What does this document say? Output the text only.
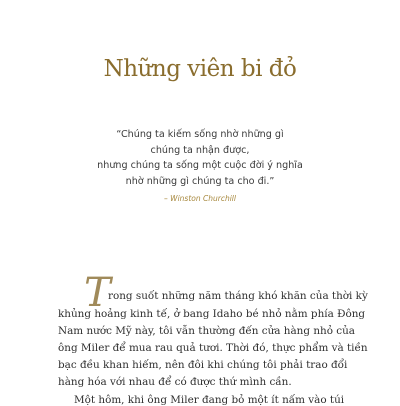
Những viên bi đỏ
“Chúng ta kiếm sống nhờ những gì
chúng ta nhận được,
nhưng chúng ta sống một cuộc đời ý nghĩa
nhờ những gì chúng ta cho đi.”
– Winston Churchill
T
rong suốt những năm tháng khó khăn của thời kỳ
khủng hoảng kinh tế, ở bang Idaho bé nhỏ nằm phía Đông
Nam nước Mỹ này, tôi vẫn thường đến cửa hàng nhỏ của
ông Miler để mua rau quả tươi. Thời đó, thực phẩm và tiền
bạc đều khan hiếm, nên đôi khi chúng tôi phải trao đổi
hàng hóa với nhau để có được thứ mình cần.
Một hôm, khi ông Miler đang bỏ một ít nấm vào túi
